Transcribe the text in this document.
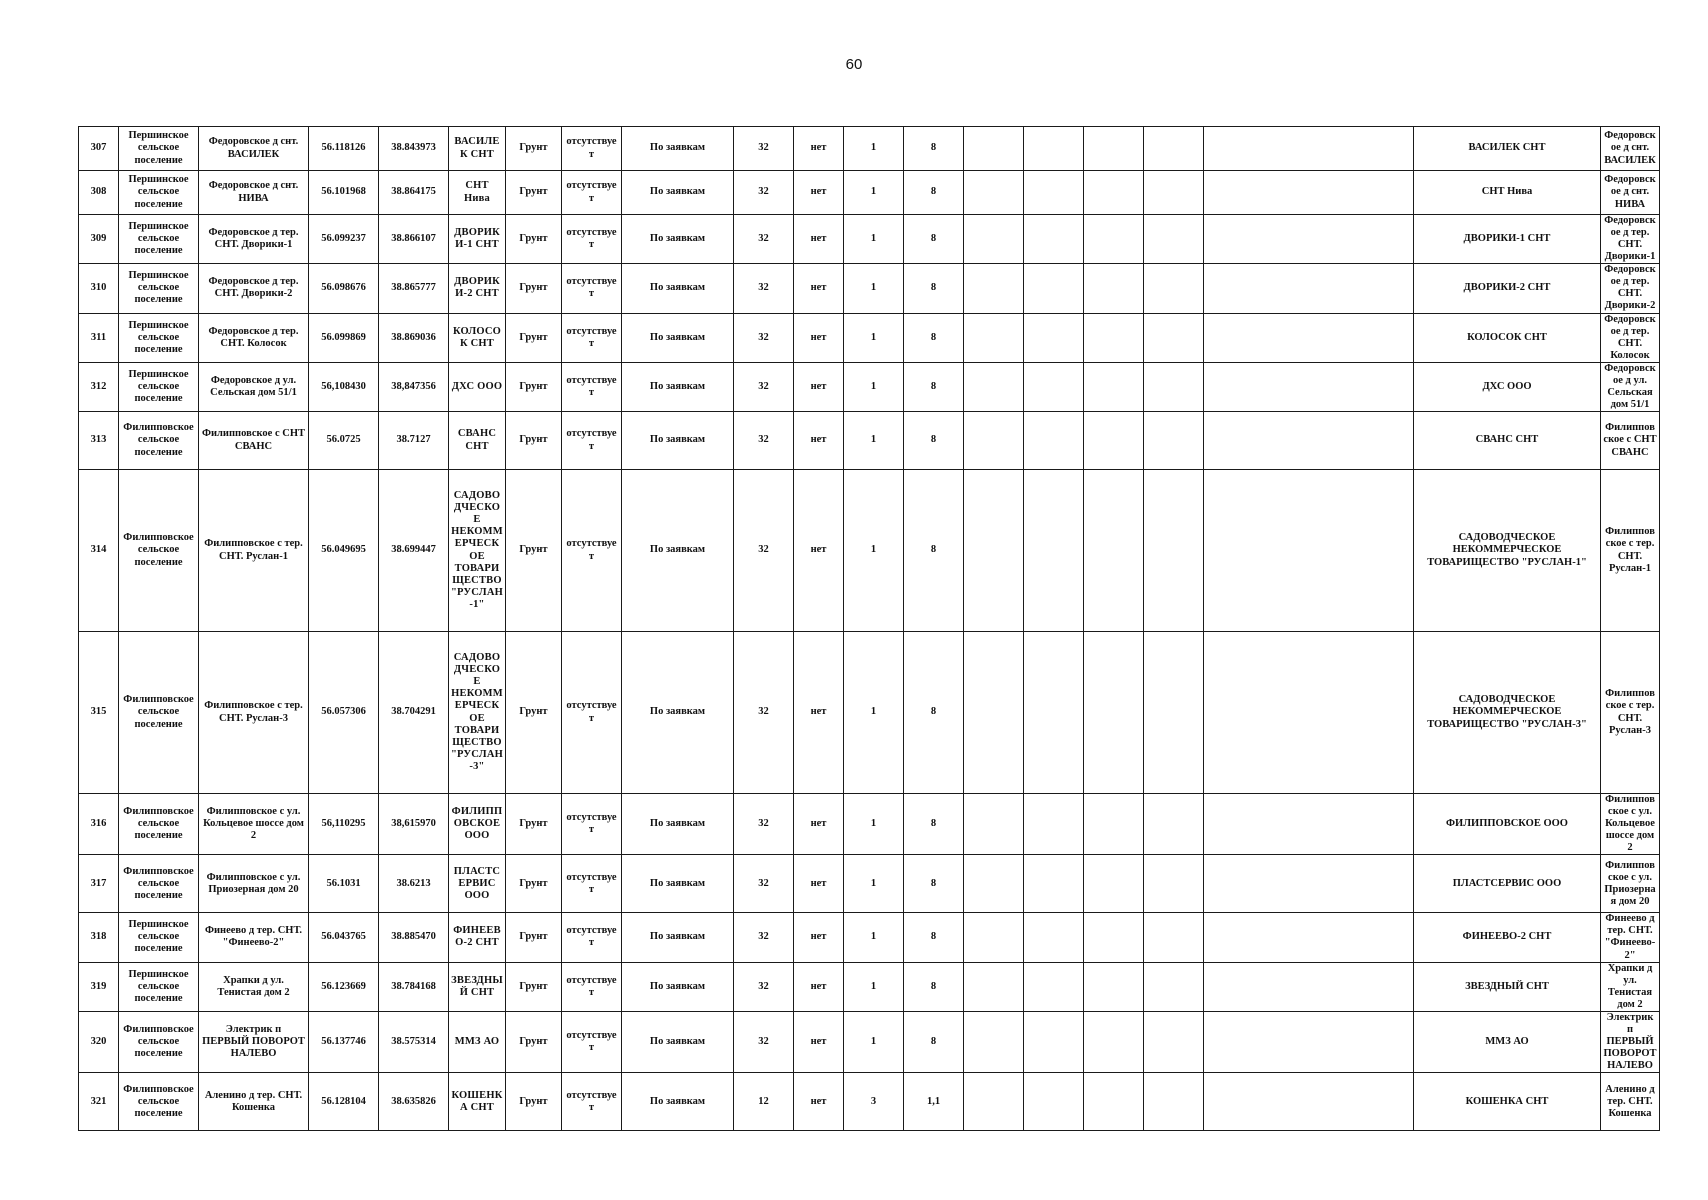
60
307	Першинское сельское поселение	Федоровское д снт. ВАСИЛЕК	56.118126	38.843973	ВАСИЛЕК СНТ	Грунт	отсутствует	По заявкам	32	нет	1	8						ВАСИЛЕК СНТ	Федоровское д снт. ВАСИЛЕК
308	Першинское сельское поселение	Федоровское д снт. НИВА	56.101968	38.864175	СНТ Нива	Грунт	отсутствует	По заявкам	32	нет	1	8						СНТ Нива	Федоровское д снт. НИВА
309	Першинское сельское поселение	Федоровское д тер. СНТ. Дворики-1	56.099237	38.866107	ДВОРИКИ-1 СНТ	Грунт	отсутствует	По заявкам	32	нет	1	8						ДВОРИКИ-1 СНТ	Федоровское д тер. СНТ. Дворики-1
310	Першинское сельское поселение	Федоровское д тер. СНТ. Дворики-2	56.098676	38.865777	ДВОРИКИ-2 СНТ	Грунт	отсутствует	По заявкам	32	нет	1	8						ДВОРИКИ-2 СНТ	Федоровское д тер. СНТ. Дворики-2
311	Першинское сельское поселение	Федоровское д тер. СНТ. Колосок	56.099869	38.869036	КОЛОСОК СНТ	Грунт	отсутствует	По заявкам	32	нет	1	8						КОЛОСОК СНТ	Федоровское д тер. СНТ. Колосок
312	Першинское сельское поселение	Федоровское д ул. Сельская дом 51/1	56,108430	38,847356	ДХС ООО	Грунт	отсутствует	По заявкам	32	нет	1	8						ДХС ООО	Федоровское д ул. Сельская дом 51/1
313	Филипповское сельское поселение	Филипповское с СНТ СВАНС	56.0725	38.7127	СВАНС СНТ	Грунт	отсутствует	По заявкам	32	нет	1	8						СВАНС СНТ	Филипповское с СНТ СВАНС
314	Филипповское сельское поселение	Филипповское с тер. СНТ. Руслан-1	56.049695	38.699447	САДОВОДЧЕСКОЕ НЕКОММЕРЧЕСКОЕ ТОВАРИЩЕСТВО "РУСЛАН-1"	Грунт	отсутствует	По заявкам	32	нет	1	8						САДОВОДЧЕСКОЕ НЕКОММЕРЧЕСКОЕ ТОВАРИЩЕСТВО "РУСЛАН-1"	Филипповское с тер. СНТ. Руслан-1
315	Филипповское сельское поселение	Филипповское с тер. СНТ. Руслан-3	56.057306	38.704291	САДОВОДЧЕСКОЕ НЕКОММЕРЧЕСКОЕ ТОВАРИЩЕСТВО "РУСЛАН-3"	Грунт	отсутствует	По заявкам	32	нет	1	8						САДОВОДЧЕСКОЕ НЕКОММЕРЧЕСКОЕ ТОВАРИЩЕСТВО "РУСЛАН-3"	Филипповское с тер. СНТ. Руслан-3
316	Филипповское сельское поселение	Филипповское с ул. Кольцевое шоссе дом 2	56,110295	38,615970	ФИЛИППОВСКОЕ ООО	Грунт	отсутствует	По заявкам	32	нет	1	8						ФИЛИППОВСКОЕ ООО	Филипповское с ул. Кольцевое шоссе дом 2
317	Филипповское сельское поселение	Филипповское с ул. Приозерная дом 20	56.1031	38.6213	ПЛАСТСЕРВИС ООО	Грунт	отсутствует	По заявкам	32	нет	1	8						ПЛАСТСЕРВИС ООО	Филипповское с ул. Приозерная дом 20
318	Першинское сельское поселение	Финеево д тер. СНТ. "Финеево-2"	56.043765	38.885470	ФИНЕЕВО-2 СНТ	Грунт	отсутствует	По заявкам	32	нет	1	8						ФИНЕЕВО-2 СНТ	Финеево д тер. СНТ. "Финеево-2"
319	Першинское сельское поселение	Храпки д ул. Тенистая дом 2	56.123669	38.784168	ЗВЕЗДНЫЙ СНТ	Грунт	отсутствует	По заявкам	32	нет	1	8						ЗВЕЗДНЫЙ СНТ	Храпки д ул. Тенистая дом 2
320	Филипповское сельское поселение	Электрик п ПЕРВЫЙ ПОВОРОТ НАЛЕВО	56.137746	38.575314	ММЗ АО	Грунт	отсутствует	По заявкам	32	нет	1	8						ММЗ АО	Электрик п ПЕРВЫЙ ПОВОРОТ НАЛЕВО
321	Филипповское сельское поселение	Аленино д тер. СНТ. Кошенка	56.128104	38.635826	КОШЕНКА СНТ	Грунт	отсутствует	По заявкам	12	нет	3	1,1						КОШЕНКА СНТ	Аленино д тер. СНТ. Кошенка
